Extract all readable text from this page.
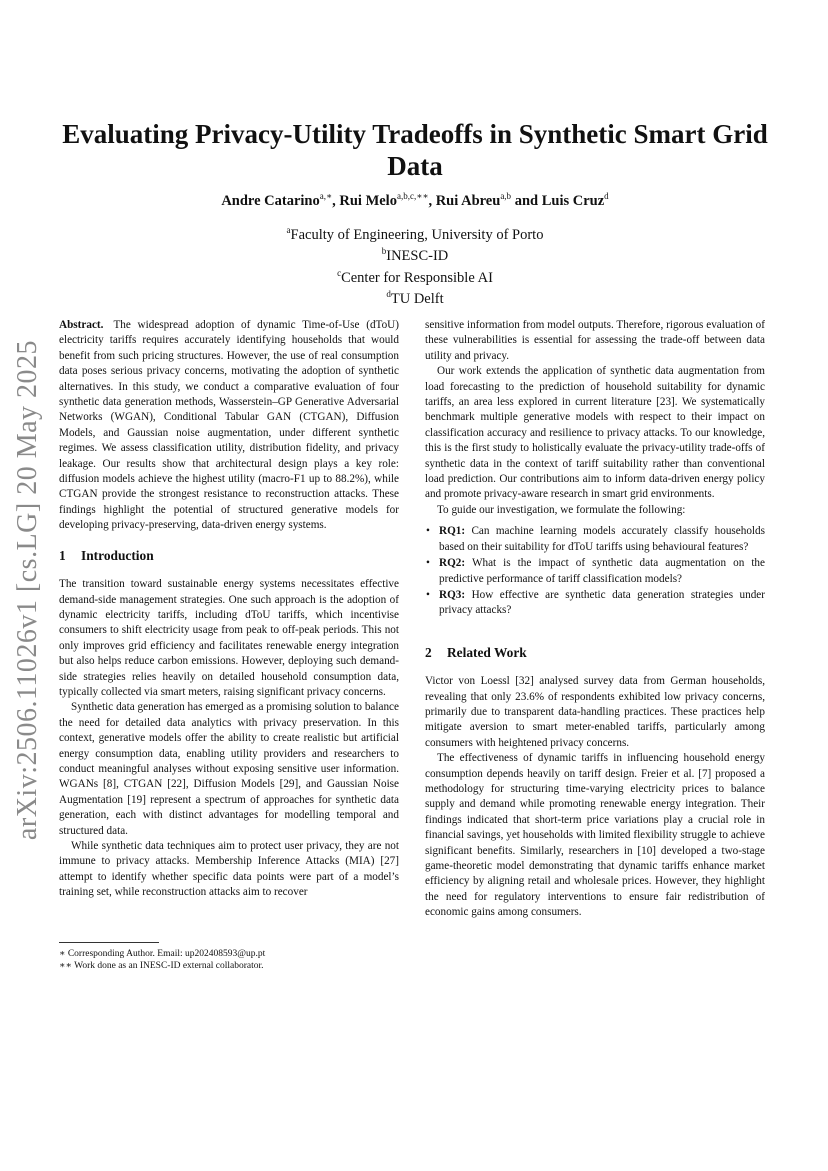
arXiv:2506.11026v1 [cs.LG] 20 May 2025
Evaluating Privacy-Utility Tradeoffs in Synthetic Smart Grid Data
Andre Catarino$^{a,∗}$, Rui Melo$^{a,b,c,∗∗}$, Rui Abreu$^{a,b}$ and Luis Cruz$^d$
$^a$Faculty of Engineering, University of Porto
$^b$INESC-ID
$^c$Center for Responsible AI
$^d$TU Delft

Abstract. The widespread adoption of dynamic Time-of-Use (dToU) electricity tariffs requires accurately identifying households that would benefit from such pricing structures. However, the use of real consumption data poses serious privacy concerns, motivating the adoption of synthetic alternatives. In this study, we conduct a comparative evaluation of four synthetic data generation methods, Wasserstein–GP Generative Adversarial Networks (WGAN), Conditional Tabular GAN (CTGAN), Diffusion Models, and Gaussian noise augmentation, under different synthetic regimes. We assess classification utility, distribution fidelity, and privacy leakage. Our results show that architectural design plays a key role: diffusion models achieve the highest utility (macro-F1 up to 88.2%), while CTGAN provide the strongest resistance to reconstruction attacks. These findings highlight the potential of structured generative models for developing privacy-preserving, data-driven energy systems.

1 Introduction

The transition toward sustainable energy systems necessitates effective demand-side management strategies. One such approach is the adoption of dynamic electricity tariffs, including dToU tariffs, which incentivise consumers to shift electricity usage from peak to off-peak periods. This not only improves grid efficiency and facilitates renewable energy integration but also helps reduce carbon emissions. However, deploying such demand-side strategies relies heavily on detailed household consumption data, typically collected via smart meters, raising significant privacy concerns.

Synthetic data generation has emerged as a promising solution to balance the need for detailed data analytics with privacy preservation. In this context, generative models offer the ability to create realistic but artificial energy consumption data, enabling utility providers and researchers to conduct meaningful analyses without exposing sensitive user information. WGANs [8], CTGAN [22], Diffusion Models [29], and Gaussian Noise Augmentation [19] represent a spectrum of approaches for synthetic data generation, each with distinct advantages for modelling temporal and structured data.

While synthetic data techniques aim to protect user privacy, they are not immune to privacy attacks. Membership Inference Attacks (MIA) [27] attempt to identify whether specific data points were part of a model’s training set, while reconstruction attacks aim to recover

sensitive information from model outputs. Therefore, rigorous evaluation of these vulnerabilities is essential for assessing the trade-off between data utility and privacy.

Our work extends the application of synthetic data augmentation from load forecasting to the prediction of household suitability for dynamic tariffs, an area less explored in current literature [23]. We systematically benchmark multiple generative models with respect to their impact on classification accuracy and resilience to privacy attacks. To our knowledge, this is the first study to holistically evaluate the privacy-utility trade-offs of synthetic data in the context of tariff suitability rather than conventional load prediction. Our contributions aim to inform data-driven energy policy and promote privacy-aware research in smart grid environments.

To guide our investigation, we formulate the following:

• RQ1: Can machine learning models accurately classify households based on their suitability for dToU tariffs using behavioural features?
• RQ2: What is the impact of synthetic data augmentation on the predictive performance of tariff classification models?
• RQ3: How effective are synthetic data generation strategies under privacy attacks?
2 Related Work

Victor von Loessl [32] analysed survey data from German households, revealing that only 23.6% of respondents exhibited low privacy concerns, primarily due to transparent data-handling practices. These practices help mitigate aversion to smart meter-enabled tariffs, particularly among consumers with heightened privacy concerns.

The effectiveness of dynamic tariffs in influencing household energy consumption depends heavily on tariff design. Freier et al. [7] proposed a methodology for structuring time-varying electricity prices to balance supply and demand while promoting renewable energy integration. Their findings indicated that short-term price variations play a crucial role in financial savings, yet households with limited flexibility struggle to achieve significant benefits. Similarly, researchers in [10] developed a two-stage game-theoretic model demonstrating that dynamic tariffs enhance market efficiency by aligning retail and wholesale prices. However, they highlight the need for regulatory interventions to ensure fair redistribution of economic gains among consumers.

∗ Corresponding Author. Email: up202408593@up.pt
∗∗ Work done as an INESC-ID external collaborator.
